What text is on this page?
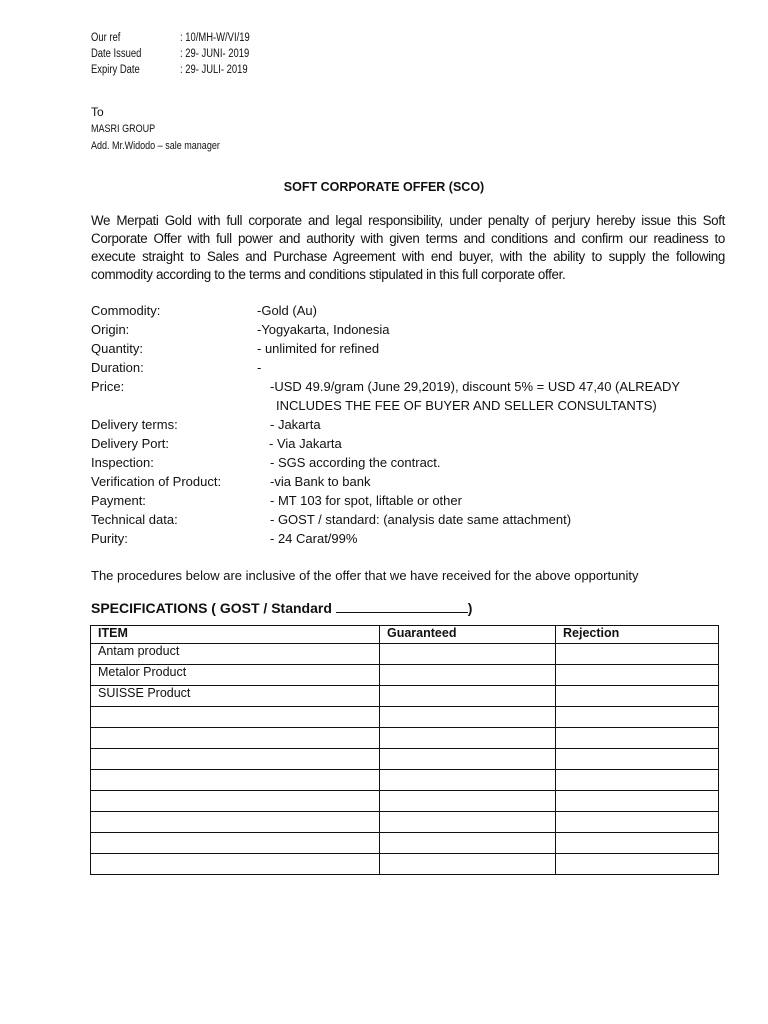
Our ref	: 10/MH-W/VI/19
Date Issued	: 29- JUNI- 2019
Expiry Date	: 29- JULI- 2019
To
MASRI GROUP
Add. Mr.Widodo – sale manager
SOFT CORPORATE OFFER (SCO)
We Merpati Gold with full corporate and legal responsibility, under penalty of perjury hereby issue this Soft Corporate Offer with full power and authority with given terms and conditions and confirm our readiness to execute straight to Sales and Purchase Agreement with end buyer, with the ability to supply the following commodity according to the terms and conditions stipulated in this full corporate offer.
Commodity:	-Gold (Au)
Origin:	-Yogyakarta, Indonesia
Quantity:	- unlimited for refined
Duration:	-
Price:	-USD 49.9/gram (June 29,2019), discount 5% = USD 47,40 (ALREADY
INCLUDES THE FEE OF BUYER AND SELLER CONSULTANTS)
Delivery terms:	- Jakarta
Delivery Port:	- Via Jakarta
Inspection:	- SGS according the contract.
Verification of Product:	-via Bank to bank
Payment:	- MT 103 for spot, liftable or other
Technical data:	- GOST / standard: (analysis date same attachment)
Purity:	- 24 Carat/99%
The procedures below are inclusive of the offer that we have received for the above opportunity
SPECIFICATIONS ( GOST / Standard	)
ITEM	Guaranteed	Rejection
Antam product		
Metalor Product		
SUISSE Product		
